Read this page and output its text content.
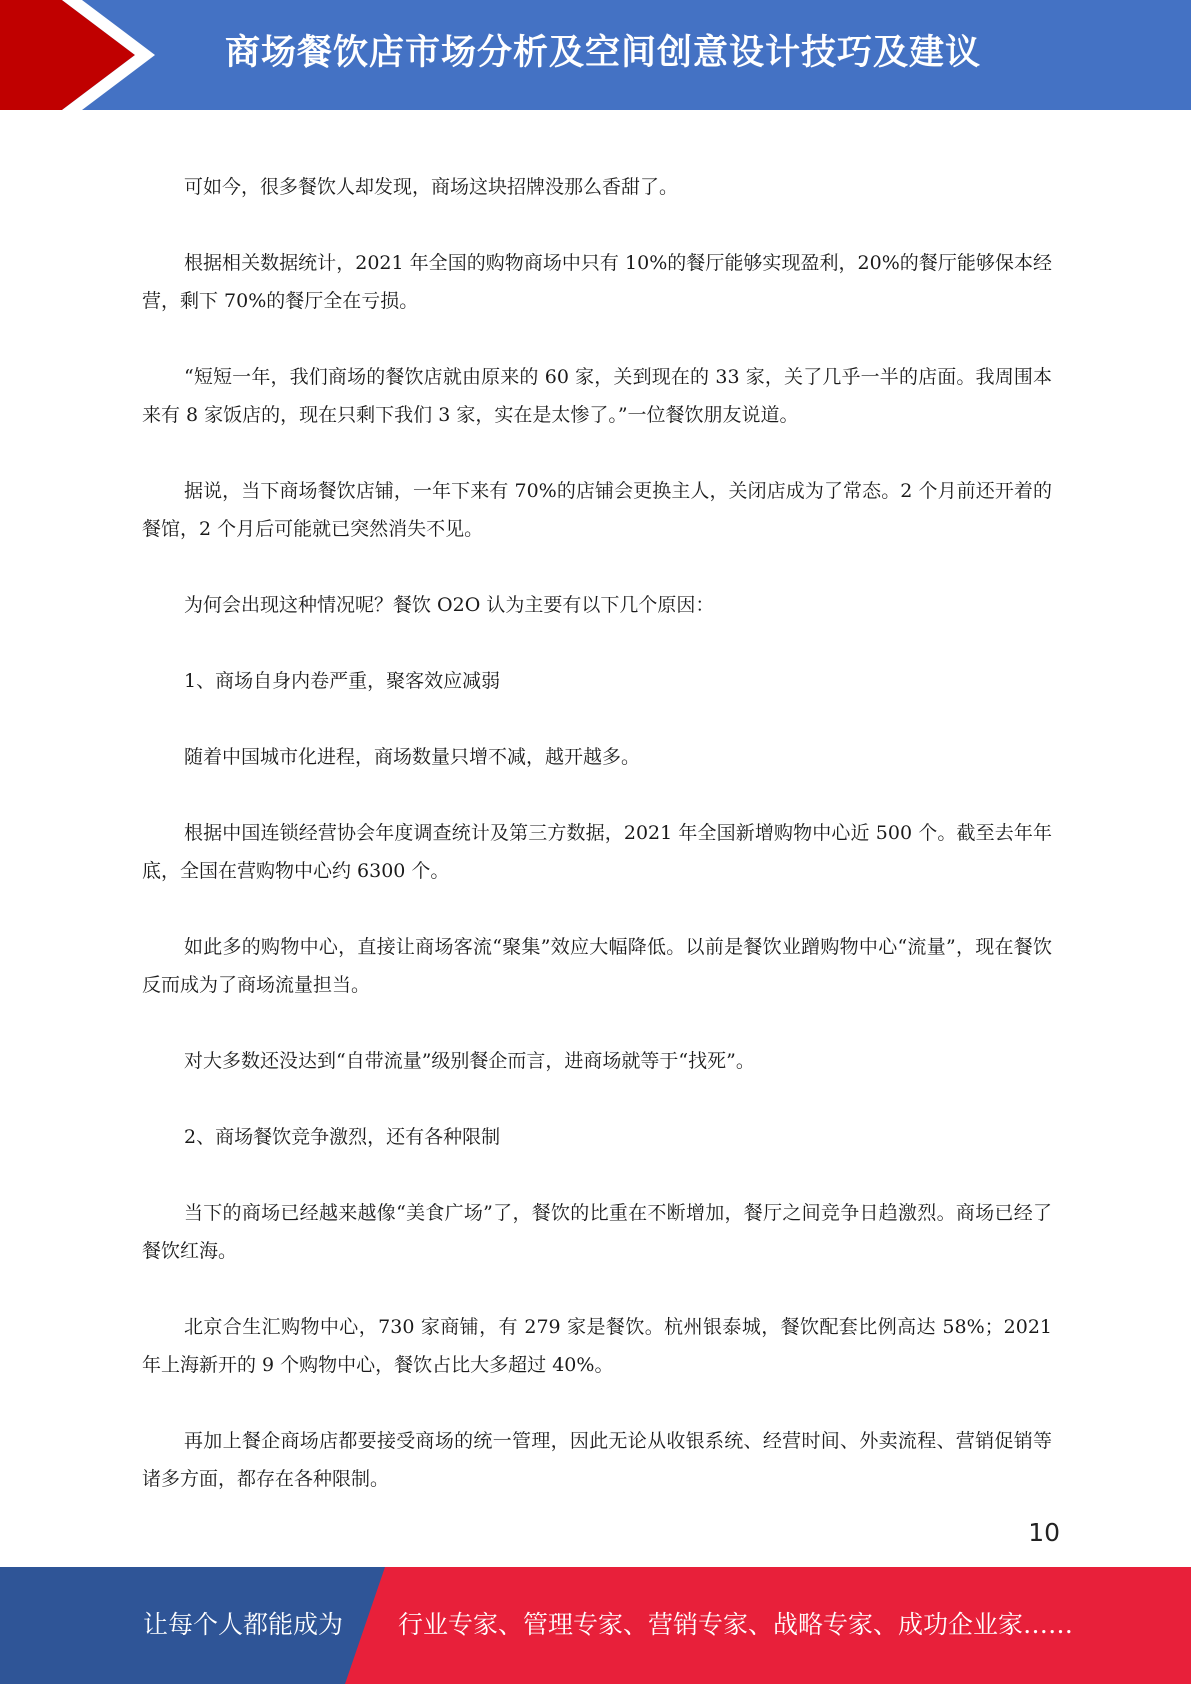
商场餐饮店市场分析及空间创意设计技巧及建议

可如今，很多餐饮人却发现，商场这块招牌没那么香甜了。

根据相关数据统计，2021 年全国的购物商场中只有 10%的餐厅能够实现盈利，20%的餐厅能够保本经营，剩下 70%的餐厅全在亏损。

“短短一年，我们商场的餐饮店就由原来的 60 家，关到现在的 33 家，关了几乎一半的店面。我周围本来有 8 家饭店的，现在只剩下我们 3 家，实在是太惨了。”一位餐饮朋友说道。

据说，当下商场餐饮店铺，一年下来有 70%的店铺会更换主人，关闭店成为了常态。2 个月前还开着的餐馆，2 个月后可能就已突然消失不见。

为何会出现这种情况呢？餐饮 O2O 认为主要有以下几个原因：

1、商场自身内卷严重，聚客效应减弱

随着中国城市化进程，商场数量只增不减，越开越多。

根据中国连锁经营协会年度调查统计及第三方数据，2021 年全国新增购物中心近 500 个。截至去年年底，全国在营购物中心约 6300 个。

如此多的购物中心，直接让商场客流“聚集”效应大幅降低。以前是餐饮业蹭购物中心“流量”，现在餐饮反而成为了商场流量担当。

对大多数还没达到“自带流量”级别餐企而言，进商场就等于“找死”。

2、商场餐饮竞争激烈，还有各种限制

当下的商场已经越来越像“美食广场”了，餐饮的比重在不断增加，餐厅之间竞争日趋激烈。商场已经了餐饮红海。

北京合生汇购物中心，730 家商铺，有 279 家是餐饮。杭州银泰城，餐饮配套比例高达 58%；2021 年上海新开的 9 个购物中心，餐饮占比大多超过 40%。

再加上餐企商场店都要接受商场的统一管理，因此无论从收银系统、经营时间、外卖流程、营销促销等诸多方面，都存在各种限制。

10
让每个人都能成为 行业专家、管理专家、营销专家、战略专家、成功企业家……
